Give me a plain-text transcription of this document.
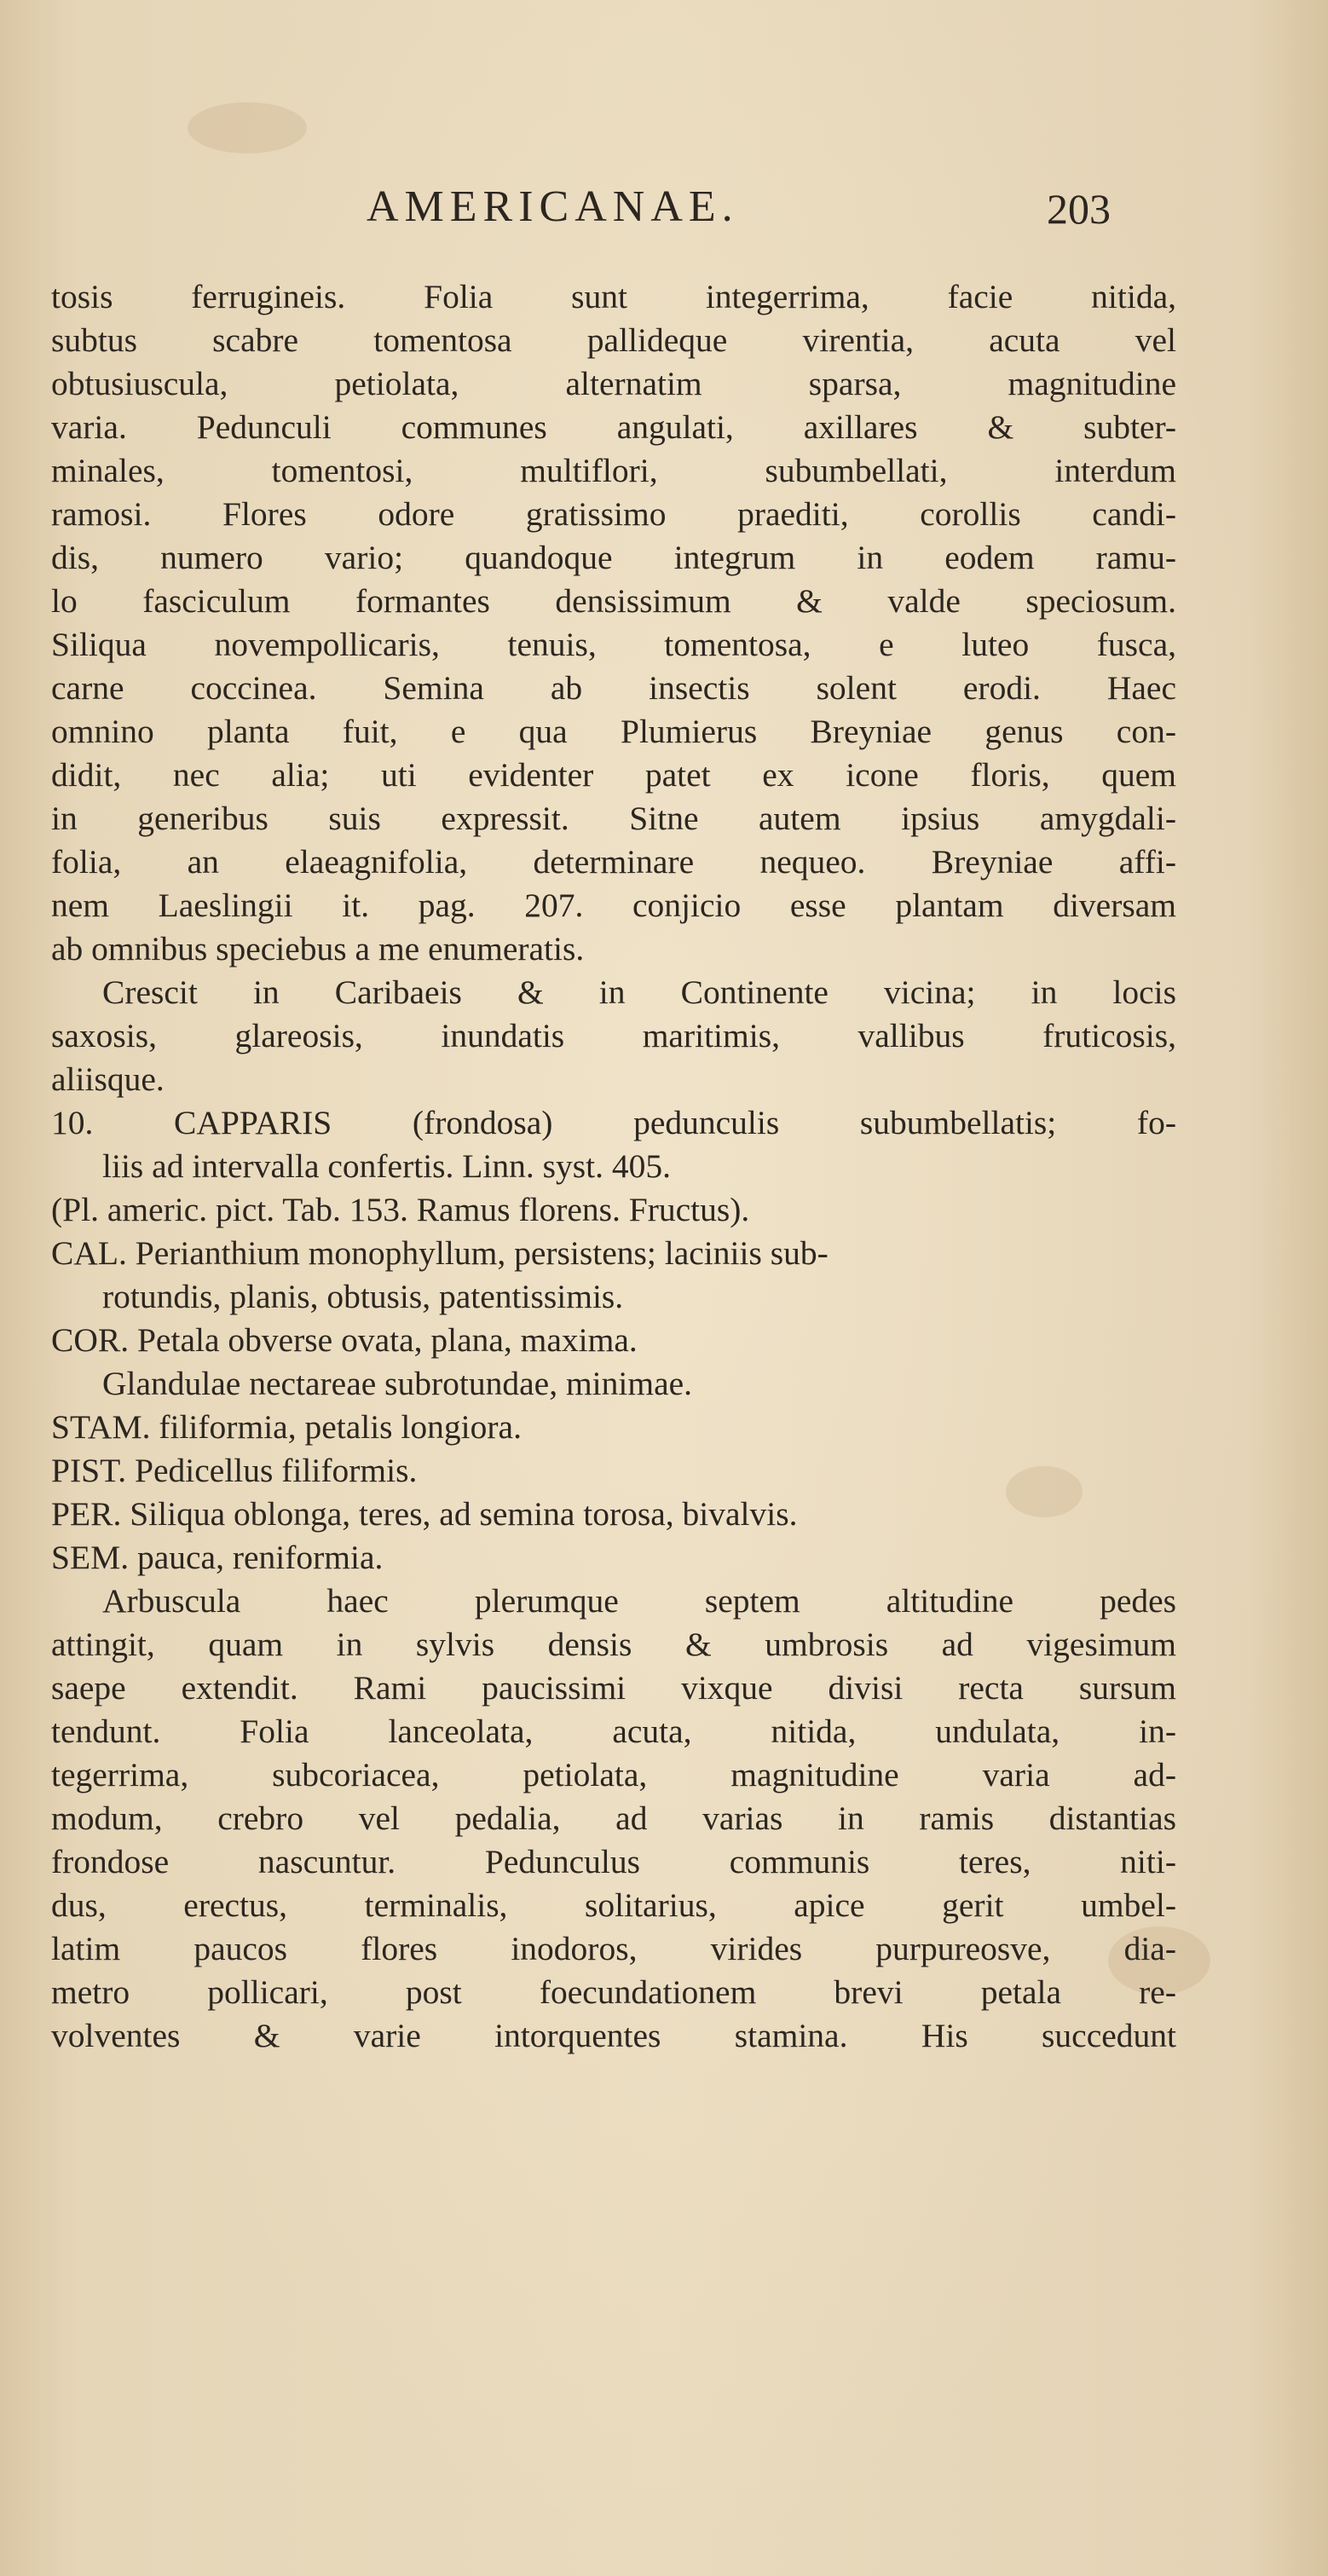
AMERICANAE.	203
tosis ferrugineis. Folia sunt integerrima, facie nitida,
subtus scabre tomentosa pallideque virentia, acuta vel
obtusiuscula, petiolata, alternatim sparsa, magnitudine
varia. Pedunculi communes angulati, axillares & subter-
minales, tomentosi, multiflori, subumbellati, interdum
ramosi. Flores odore gratissimo praediti, corollis candi-
dis, numero vario; quandoque integrum in eodem ramu-
lo fasciculum formantes densissimum & valde speciosum.
Siliqua novempollicaris, tenuis, tomentosa, e luteo fusca,
carne coccinea. Semina ab insectis solent erodi. Haec
omnino planta fuit, e qua Plumierus Breyniae genus con-
didit, nec alia; uti evidenter patet ex icone floris, quem
in generibus suis expressit. Sitne autem ipsius amygdali-
folia, an elaeagnifolia, determinare nequeo. Breyniae affi-
nem Laeslingii it. pag. 207. conjicio esse plantam diversam
ab omnibus speciebus a me enumeratis.
Crescit in Caribaeis & in Continente vicina; in locis
saxosis, glareosis, inundatis maritimis, vallibus fruticosis,
aliisque.
10. CAPPARIS (frondosa) pedunculis subumbellatis; fo-
liis ad intervalla confertis. Linn. syst. 405.
(Pl. americ. pict. Tab. 153. Ramus florens. Fructus).
CAL. Perianthium monophyllum, persistens; laciniis sub-
rotundis, planis, obtusis, patentissimis.
COR. Petala obverse ovata, plana, maxima.
Glandulae nectareae subrotundae, minimae.
STAM. filiformia, petalis longiora.
PIST. Pedicellus filiformis.
PER. Siliqua oblonga, teres, ad semina torosa, bivalvis.
SEM. pauca, reniformia.
Arbuscula haec plerumque septem altitudine pedes
attingit, quam in sylvis densis & umbrosis ad vigesimum
saepe extendit. Rami paucissimi vixque divisi recta sursum
tendunt. Folia lanceolata, acuta, nitida, undulata, in-
tegerrima, subcoriacea, petiolata, magnitudine varia ad-
modum, crebro vel pedalia, ad varias in ramis distantias
frondose nascuntur. Pedunculus communis teres, niti-
dus, erectus, terminalis, solitarius, apice gerit umbel-
latim paucos flores inodoros, virides purpureosve, dia-
metro pollicari, post foecundationem brevi petala re-
volventes & varie intorquentes stamina. His succedunt
